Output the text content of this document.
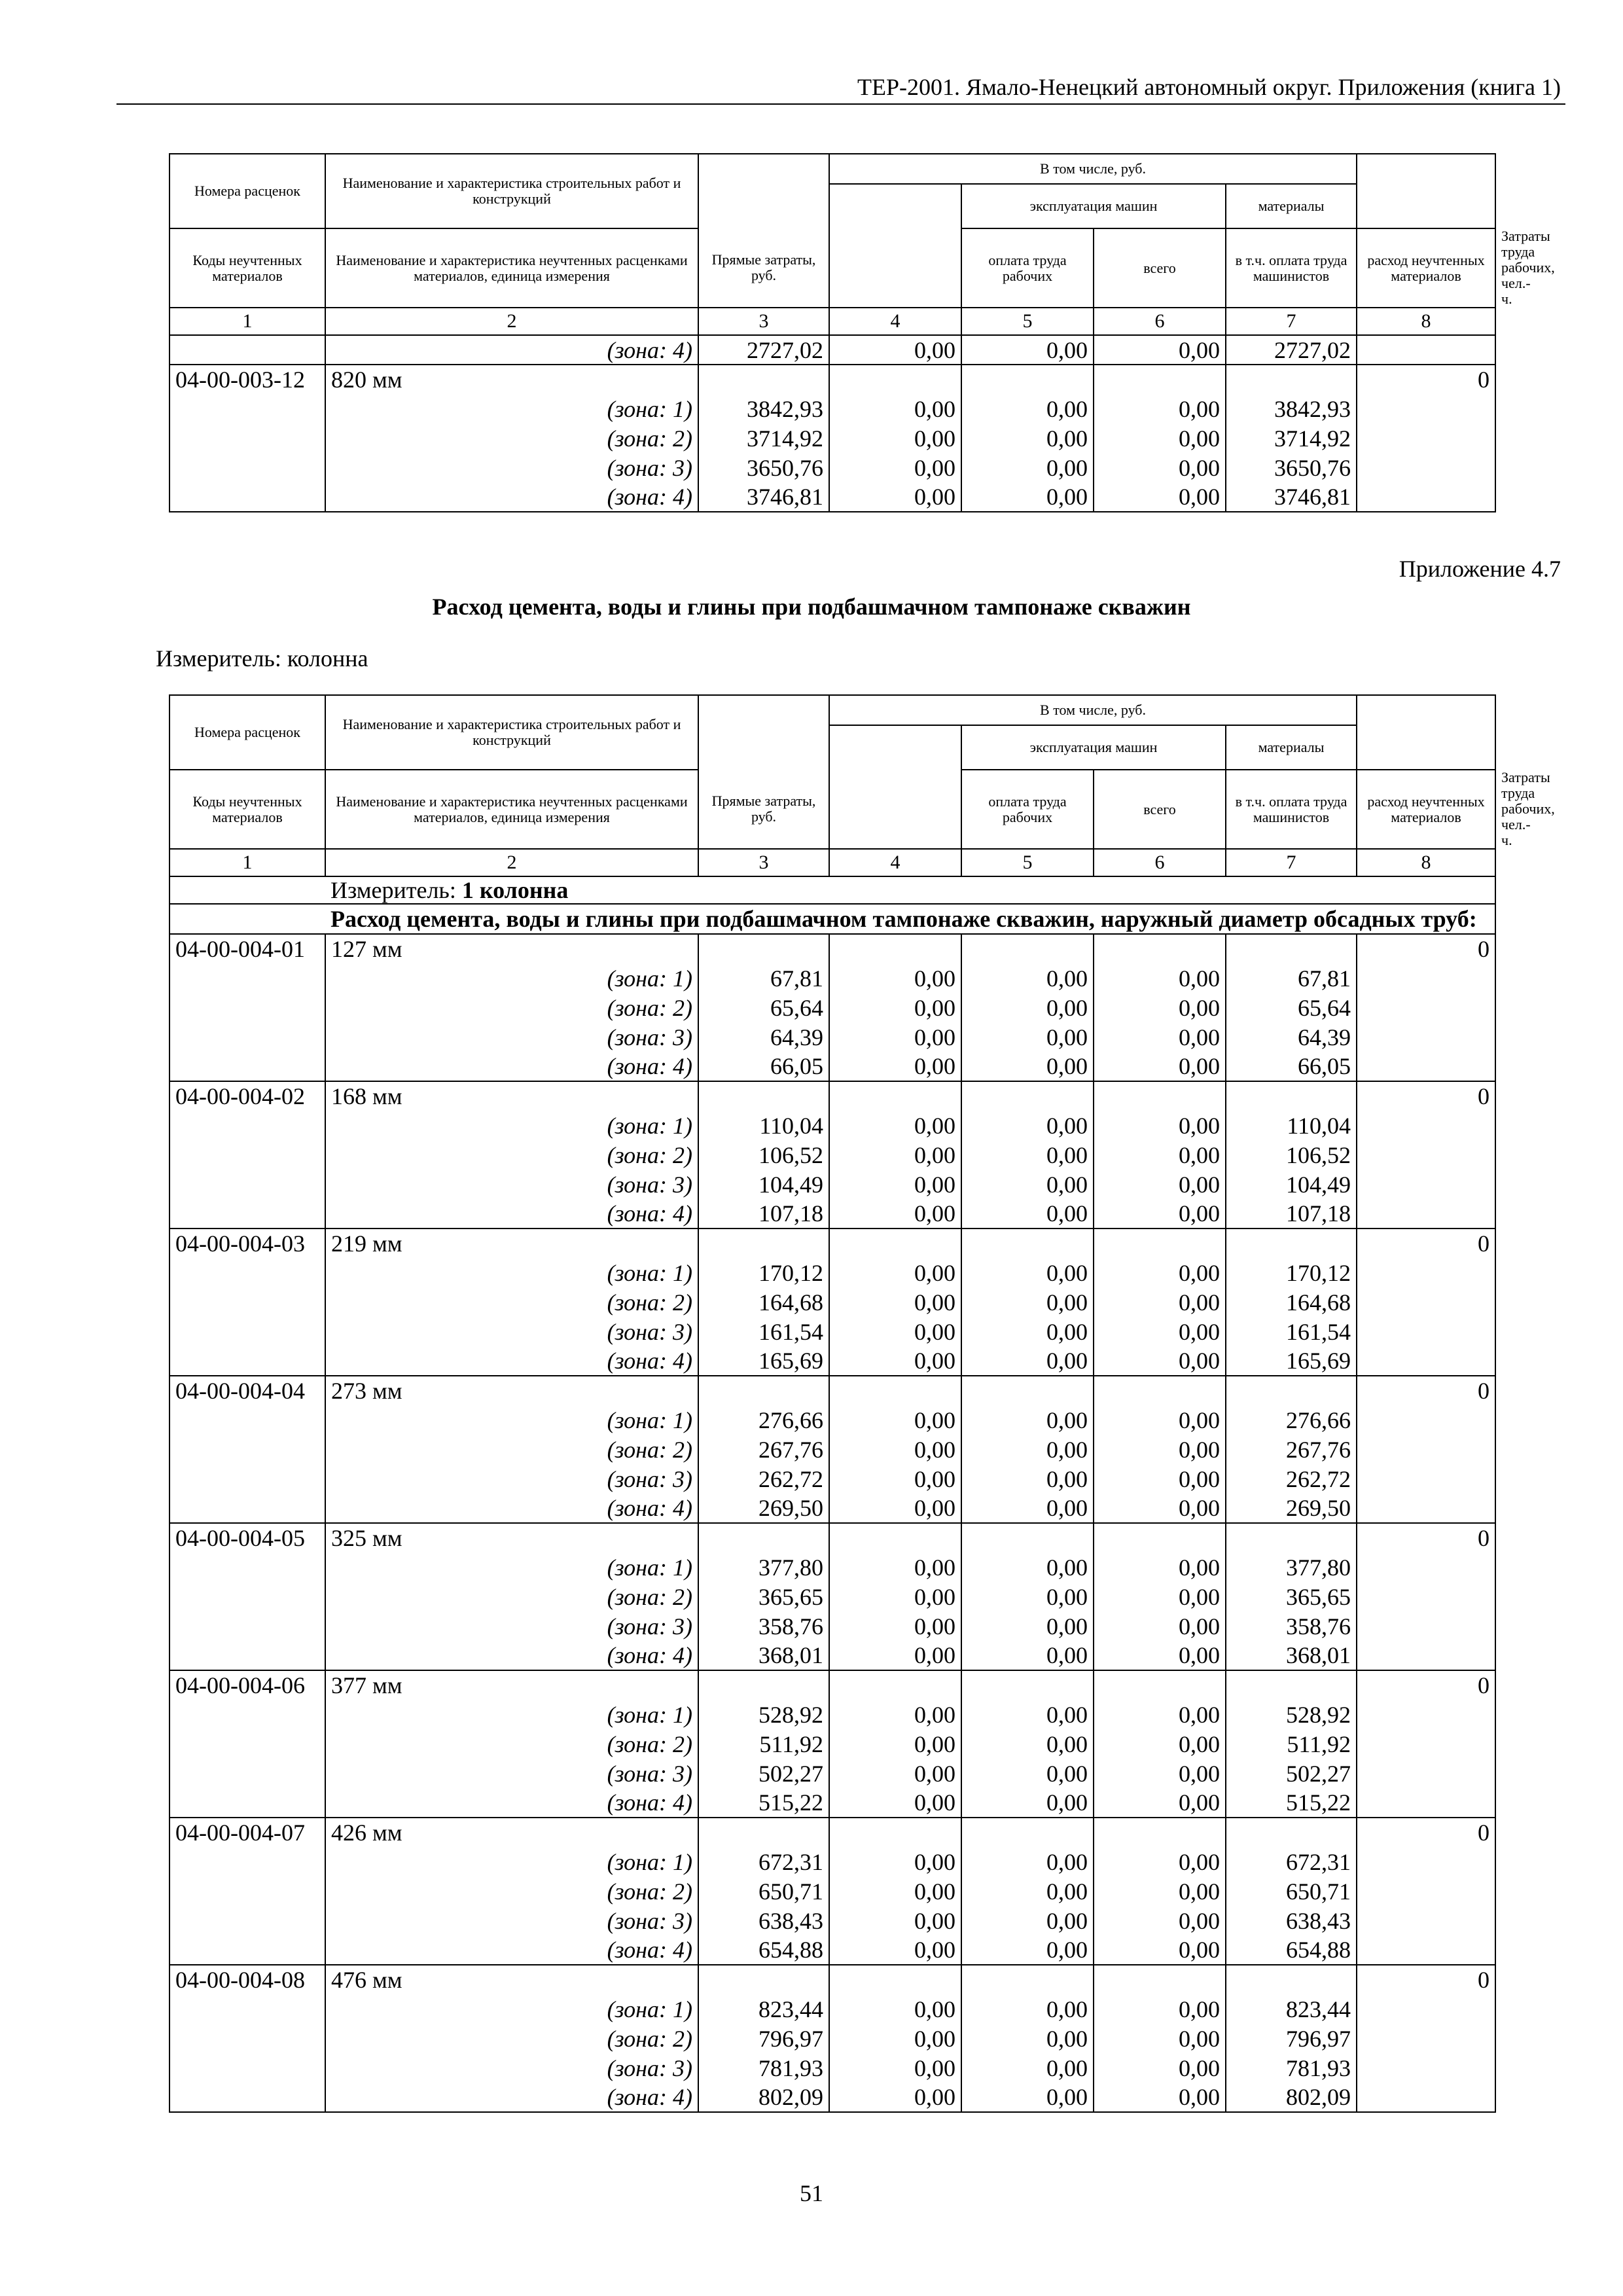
ТЕР-2001. Ямало-Ненецкий автономный округ. Приложения (книга 1)
Номера расценок	Наименование и характеристика строительных работ и конструкций		В том числе, руб.					
				эксплуатация машин		материалы		
Коды неучтенных материалов	Наименование и характеристика неучтенных расценками материалов, единица измерения	Прямые затраты, руб.		оплата труда рабочих	всего	в т.ч. оплата труда машинистов	расход неучтенных материалов	Затраты труда рабочих, чел.-ч.
1	2	3	4	5	6	7	8	
	(зона: 4)	2727,02	0,00	0,00	0,00	2727,02		
04-00-003-12	820 мм						0	
	(зона: 1)	3842,93	0,00	0,00	0,00	3842,93		
	(зона: 2)	3714,92	0,00	0,00	0,00	3714,92		
	(зона: 3)	3650,76	0,00	0,00	0,00	3650,76		
	(зона: 4)	3746,81	0,00	0,00	0,00	3746,81		
Приложение 4.7
Расход цемента, воды и глины при подбашмачном тампонаже скважин
Измеритель: колонна
Номера расценок	Наименование и характеристика строительных работ и конструкций		В том числе, руб.					
				эксплуатация машин		материалы		
Коды неучтенных материалов	Наименование и характеристика неучтенных расценками материалов, единица измерения	Прямые затраты, руб.		оплата труда рабочих	всего	в т.ч. оплата труда машинистов	расход неучтенных материалов	Затраты труда рабочих, чел.-ч.
1	2	3	4	5	6	7	8	
	Измеритель: 1 колонна							
	Расход цемента, воды и глины при подбашмачном тампонаже скважин, наружный диаметр обсадных труб:							
04-00-004-01	127 мм						0	
	(зона: 1)	67,81	0,00	0,00	0,00	67,81		
	(зона: 2)	65,64	0,00	0,00	0,00	65,64		
	(зона: 3)	64,39	0,00	0,00	0,00	64,39		
	(зона: 4)	66,05	0,00	0,00	0,00	66,05		
04-00-004-02	168 мм						0	
	(зона: 1)	110,04	0,00	0,00	0,00	110,04		
	(зона: 2)	106,52	0,00	0,00	0,00	106,52		
	(зона: 3)	104,49	0,00	0,00	0,00	104,49		
	(зона: 4)	107,18	0,00	0,00	0,00	107,18		
04-00-004-03	219 мм						0	
	(зона: 1)	170,12	0,00	0,00	0,00	170,12		
	(зона: 2)	164,68	0,00	0,00	0,00	164,68		
	(зона: 3)	161,54	0,00	0,00	0,00	161,54		
	(зона: 4)	165,69	0,00	0,00	0,00	165,69		
04-00-004-04	273 мм						0	
	(зона: 1)	276,66	0,00	0,00	0,00	276,66		
	(зона: 2)	267,76	0,00	0,00	0,00	267,76		
	(зона: 3)	262,72	0,00	0,00	0,00	262,72		
	(зона: 4)	269,50	0,00	0,00	0,00	269,50		
04-00-004-05	325 мм						0	
	(зона: 1)	377,80	0,00	0,00	0,00	377,80		
	(зона: 2)	365,65	0,00	0,00	0,00	365,65		
	(зона: 3)	358,76	0,00	0,00	0,00	358,76		
	(зона: 4)	368,01	0,00	0,00	0,00	368,01		
04-00-004-06	377 мм						0	
	(зона: 1)	528,92	0,00	0,00	0,00	528,92		
	(зона: 2)	511,92	0,00	0,00	0,00	511,92		
	(зона: 3)	502,27	0,00	0,00	0,00	502,27		
	(зона: 4)	515,22	0,00	0,00	0,00	515,22		
04-00-004-07	426 мм						0	
	(зона: 1)	672,31	0,00	0,00	0,00	672,31		
	(зона: 2)	650,71	0,00	0,00	0,00	650,71		
	(зона: 3)	638,43	0,00	0,00	0,00	638,43		
	(зона: 4)	654,88	0,00	0,00	0,00	654,88		
04-00-004-08	476 мм						0	
	(зона: 1)	823,44	0,00	0,00	0,00	823,44		
	(зона: 2)	796,97	0,00	0,00	0,00	796,97		
	(зона: 3)	781,93	0,00	0,00	0,00	781,93		
	(зона: 4)	802,09	0,00	0,00	0,00	802,09		
51
